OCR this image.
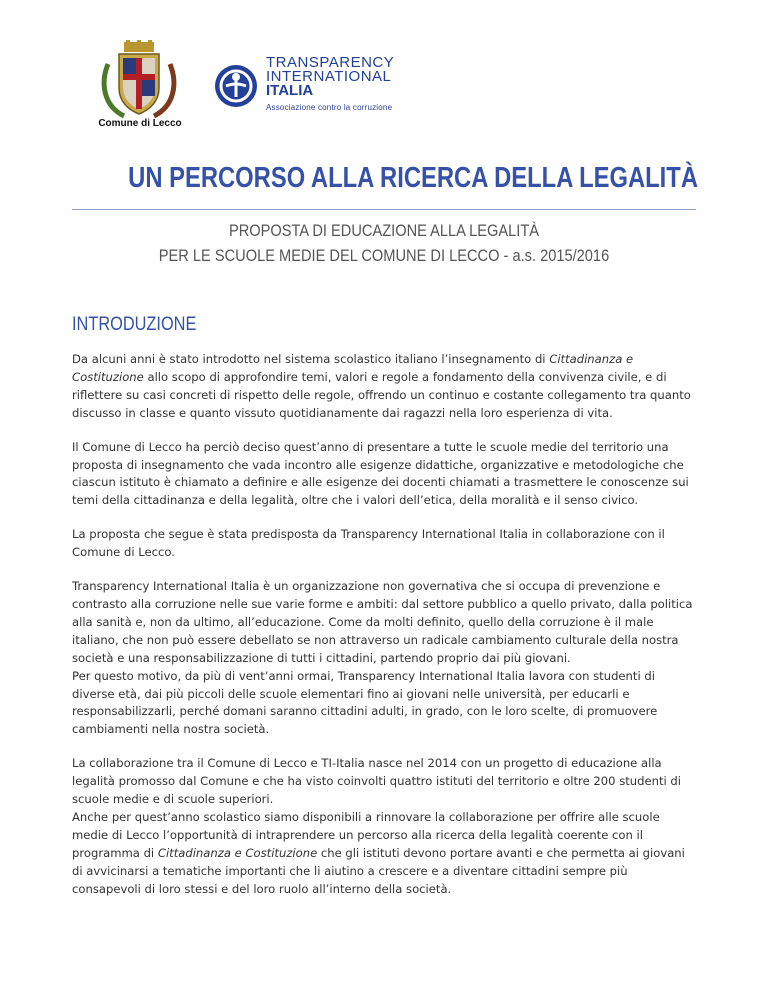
Comune di Lecco
TRANSPARENCY
INTERNATIONAL
ITALIA
Associazione contro la corruzione
UN PERCORSO ALLA RICERCA DELLA LEGALITÀ
PROPOSTA DI EDUCAZIONE ALLA LEGALITÀ
PER LE SCUOLE MEDIE DEL COMUNE DI LECCO - a.s. 2015/2016
INTRODUZIONE

Da alcuni anni è stato introdotto nel sistema scolastico italiano l’insegnamento di Cittadinanza e Costituzione allo scopo di approfondire temi, valori e regole a fondamento della convivenza civile, e di riflettere su casi concreti di rispetto delle regole, offrendo un continuo e costante collegamento tra quanto discusso in classe e quanto vissuto quotidianamente dai ragazzi nella loro esperienza di vita.

Il Comune di Lecco ha perciò deciso quest’anno di presentare a tutte le scuole medie del territorio una proposta di insegnamento che vada incontro alle esigenze didattiche, organizzative e metodologiche che ciascun istituto è chiamato a definire e alle esigenze dei docenti chiamati a trasmettere le conoscenze sui temi della cittadinanza e della legalità, oltre che i valori dell’etica, della moralità e il senso civico.

La proposta che segue è stata predisposta da Transparency International Italia in collaborazione con il Comune di Lecco.

Transparency International Italia è un organizzazione non governativa che si occupa di prevenzione e contrasto alla corruzione nelle sue varie forme e ambiti: dal settore pubblico a quello privato, dalla politica alla sanità e, non da ultimo, all’educazione. Come da molti definito, quello della corruzione è il male italiano, che non può essere debellato se non attraverso un radicale cambiamento culturale della nostra società e una responsabilizzazione di tutti i cittadini, partendo proprio dai più giovani.
Per questo motivo, da più di vent’anni ormai, Transparency International Italia lavora con studenti di diverse età, dai più piccoli delle scuole elementari fino ai giovani nelle università, per educarli e responsabilizzarli, perché domani saranno cittadini adulti, in grado, con le loro scelte, di promuovere cambiamenti nella nostra società.

La collaborazione tra il Comune di Lecco e TI-Italia nasce nel 2014 con un progetto di educazione alla legalità promosso dal Comune e che ha visto coinvolti quattro istituti del territorio e oltre 200 studenti di scuole medie e di scuole superiori.
Anche per quest’anno scolastico siamo disponibili a rinnovare la collaborazione per offrire alle scuole medie di Lecco l’opportunità di intraprendere un percorso alla ricerca della legalità coerente con il programma di Cittadinanza e Costituzione che gli istituti devono portare avanti e che permetta ai giovani di avvicinarsi a tematiche importanti che li aiutino a crescere e a diventare cittadini sempre più consapevoli di loro stessi e del loro ruolo all’interno della società.
